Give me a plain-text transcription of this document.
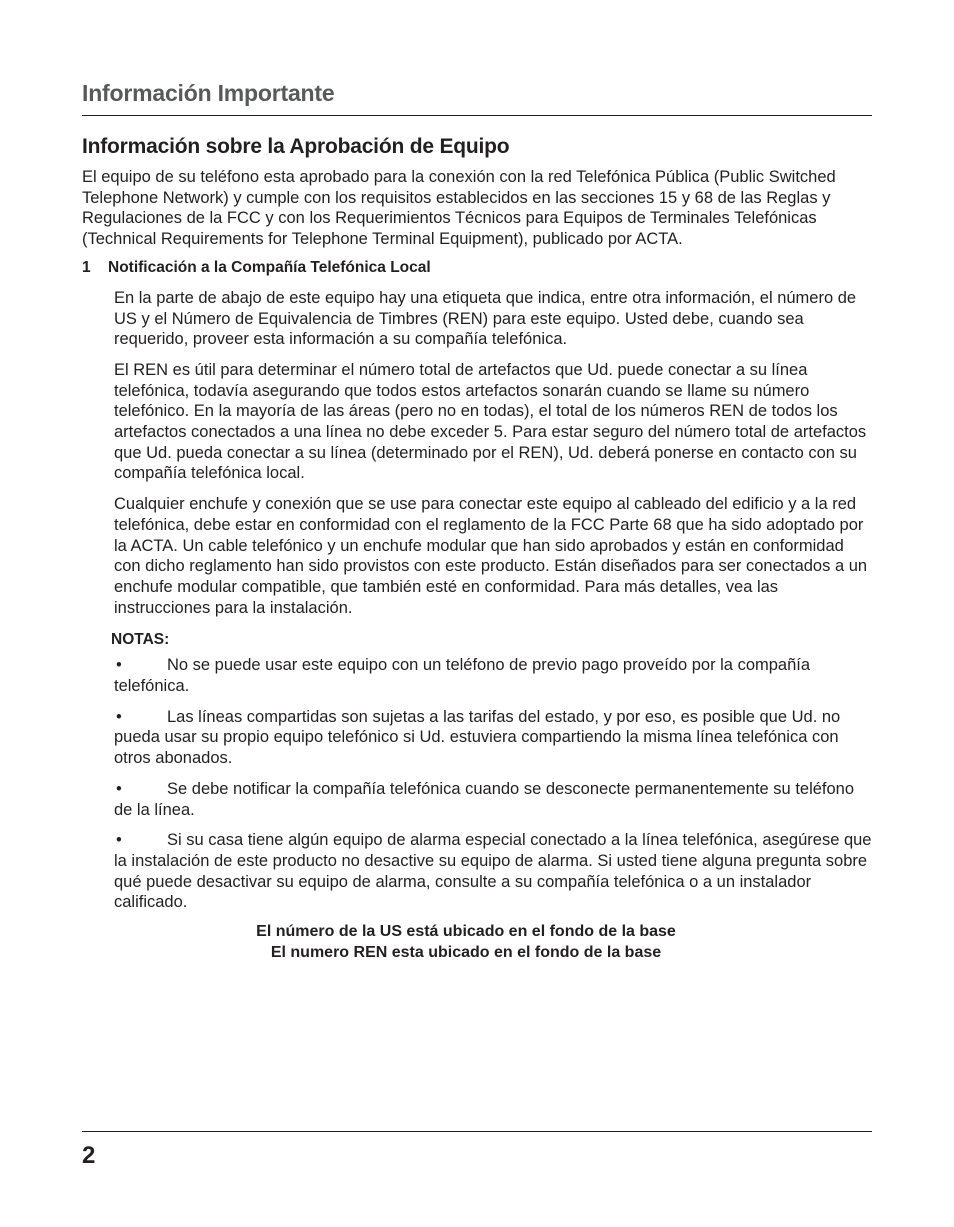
Información Importante
Información sobre la Aprobación de Equipo

El equipo de su teléfono esta aprobado para la conexión con la red Telefónica Pública (Public Switched Telephone Network) y cumple con los requisitos establecidos en las secciones 15 y 68 de las Reglas y Regulaciones de la FCC y con los Requerimientos Técnicos para Equipos de Terminales Telefónicas (Technical Requirements for Telephone Terminal Equipment), publicado por ACTA.

1 Notificación a la Compañía Telefónica Local

En la parte de abajo de este equipo hay una etiqueta que indica, entre otra información, el número de US y el Número de Equivalencia de Timbres (REN) para este equipo. Usted debe, cuando sea requerido, proveer esta información a su compañía telefónica.

El REN es útil para determinar el número total de artefactos que Ud. puede conectar a su línea telefónica, todavía asegurando que todos estos artefactos sonarán cuando se llame su número telefónico. En la mayoría de las áreas (pero no en todas), el total de los números REN de todos los artefactos conectados a una línea no debe exceder 5. Para estar seguro del número total de artefactos que Ud. pueda conectar a su línea (determinado por el REN), Ud. deberá ponerse en contacto con su compañía telefónica local.

Cualquier enchufe y conexión que se use para conectar este equipo al cableado del edificio y a la red telefónica, debe estar en conformidad con el reglamento de la FCC Parte 68 que ha sido adoptado por la ACTA. Un cable telefónico y un enchufe modular que han sido aprobados y están en conformidad con dicho reglamento han sido provistos con este producto. Están diseñados para ser conectados a un enchufe modular compatible, que también esté en conformidad. Para más detalles, vea las instrucciones para la instalación.

NOTAS:
•	No se puede usar este equipo con un teléfono de previo pago proveído por la compañía telefónica.
•	Las líneas compartidas son sujetas a las tarifas del estado, y por eso, es posible que Ud. no pueda usar su propio equipo telefónico si Ud. estuviera compartiendo la misma línea telefónica con otros abonados.
•	Se debe notificar la compañía telefónica cuando se desconecte permanentemente su teléfono de la línea.
•	Si su casa tiene algún equipo de alarma especial conectado a la línea telefónica, asegúrese que la instalación de este producto no desactive su equipo de alarma. Si usted tiene alguna pregunta sobre qué puede desactivar su equipo de alarma, consulte a su compañía telefónica o a un instalador calificado.
El número de la US está ubicado en el fondo de la base
El numero REN esta ubicado en el fondo de la base
2
